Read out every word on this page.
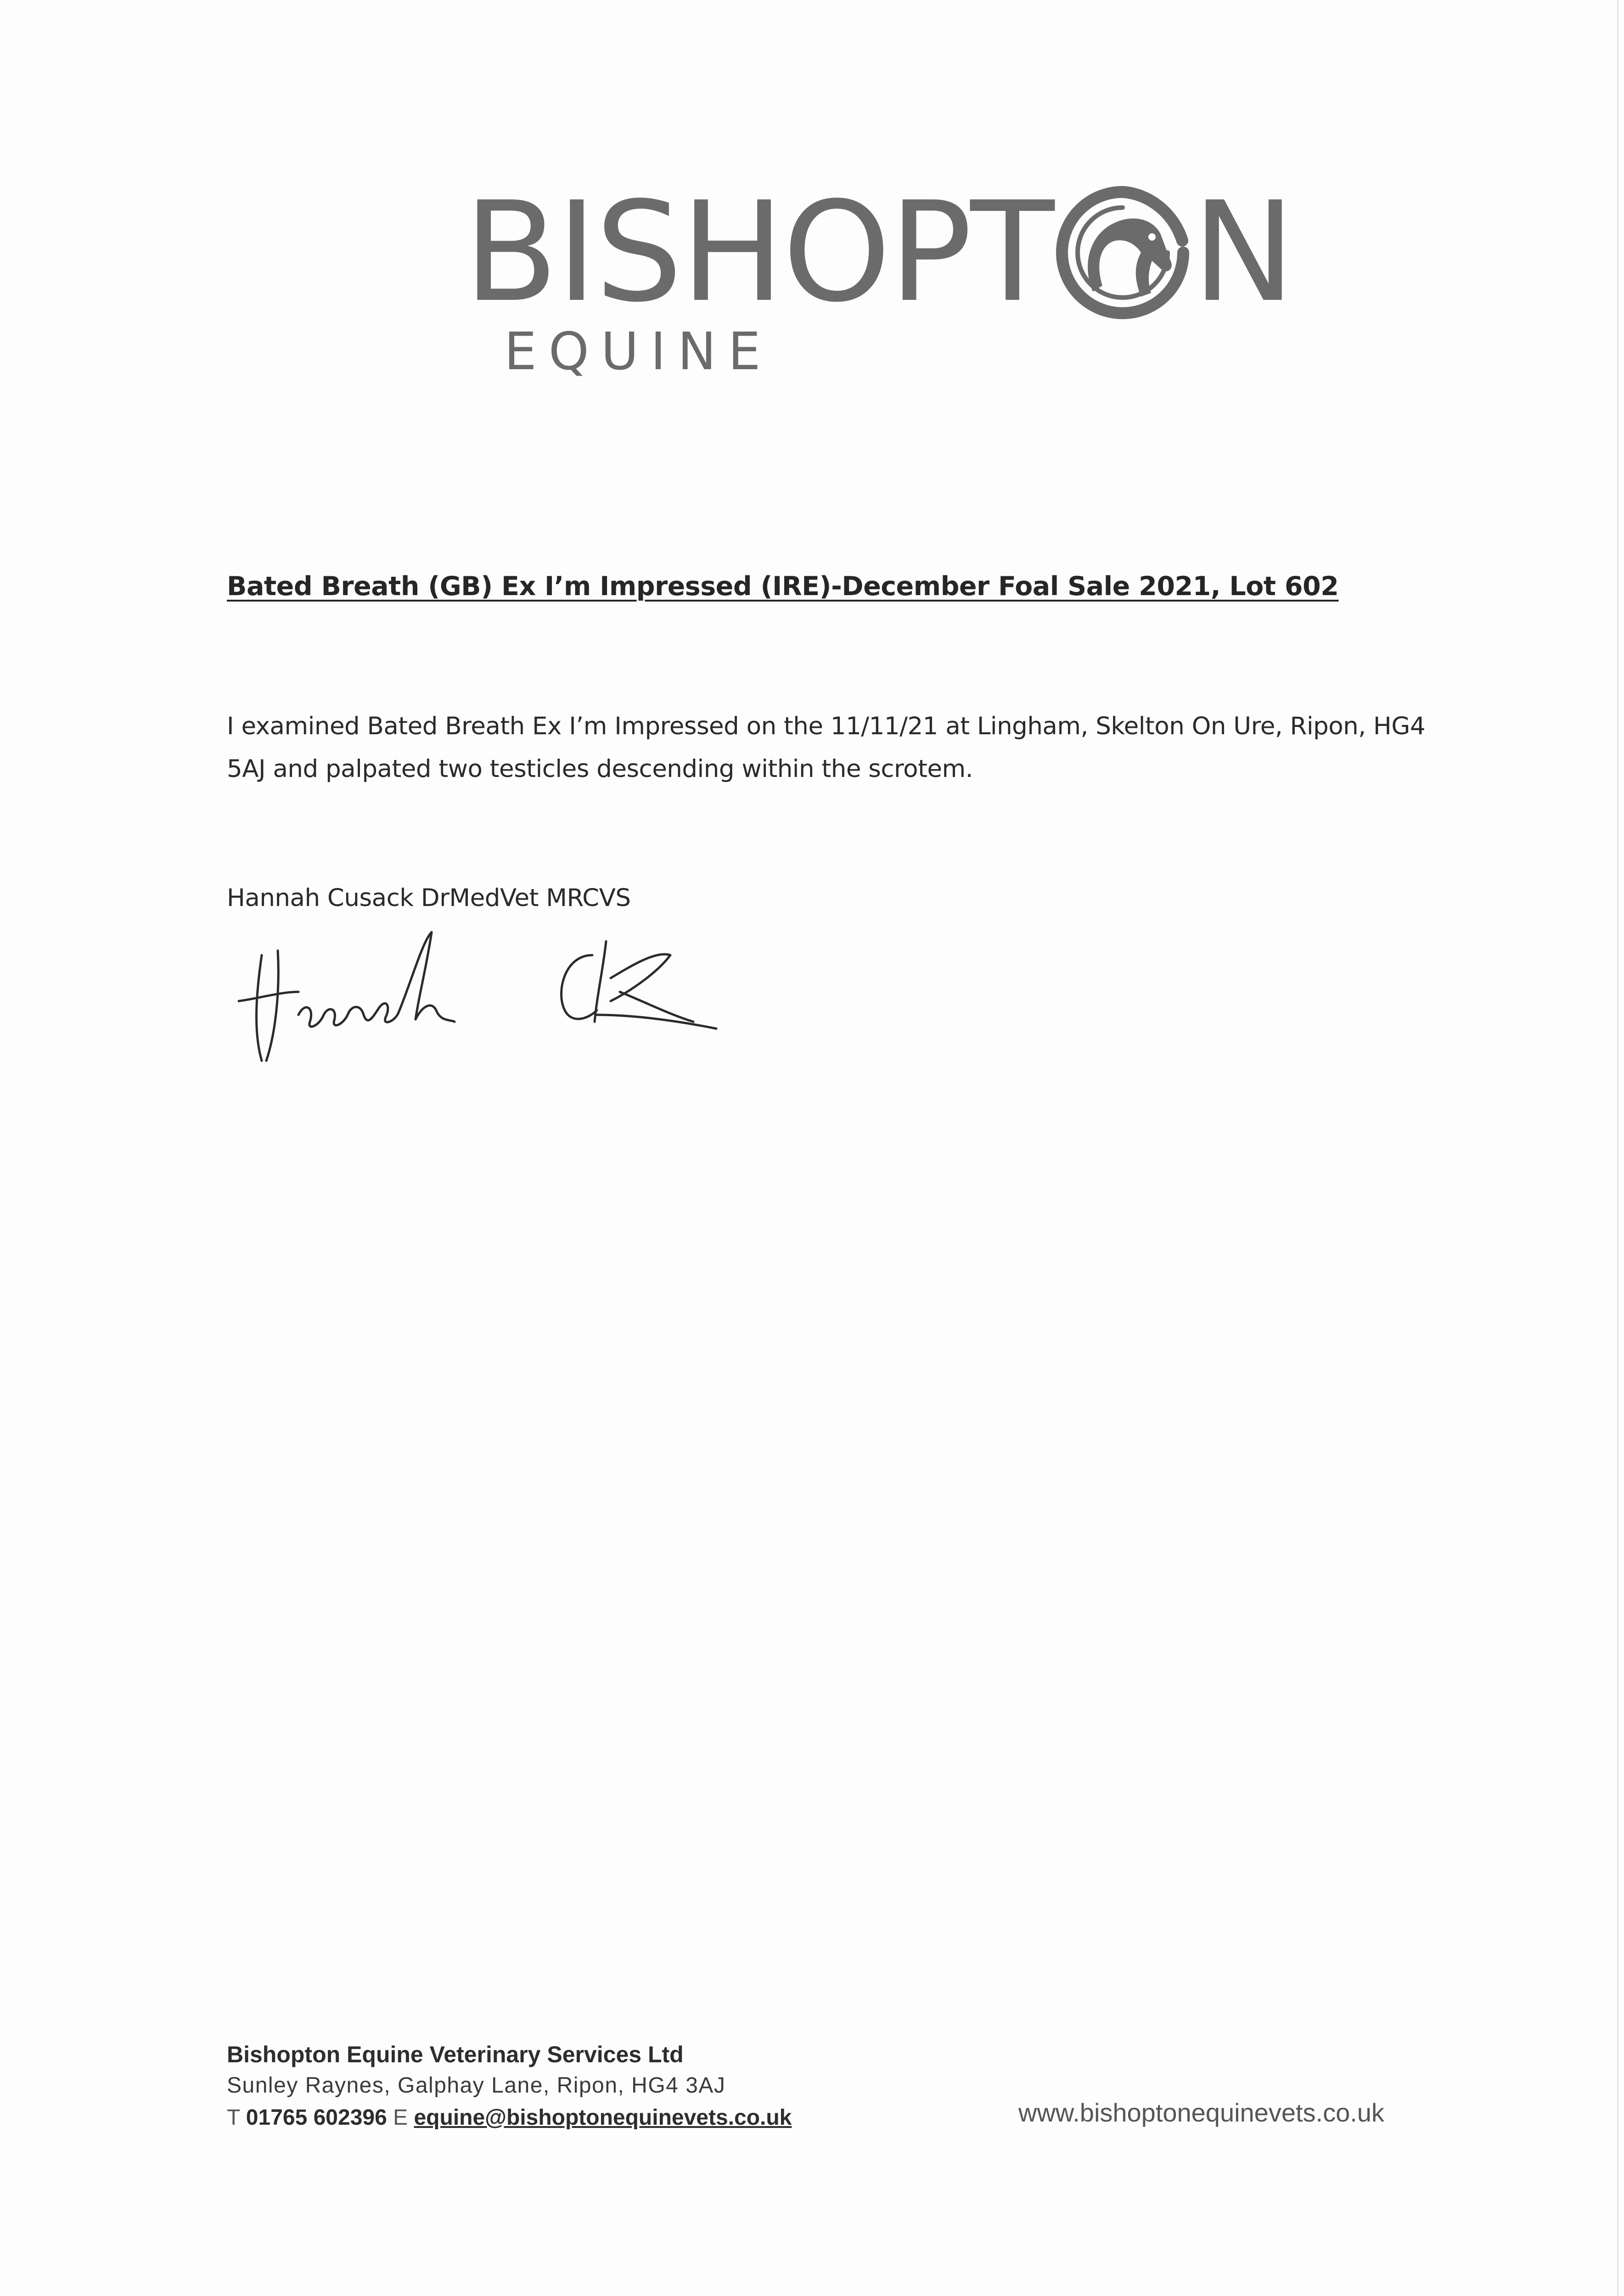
BISHOPT N
EQUINE
Bated Breath (GB) Ex I’m Impressed (IRE)-December Foal Sale 2021, Lot 602
I examined Bated Breath Ex I’m Impressed on the 11/11/21 at Lingham, Skelton On Ure, Ripon, HG4
5AJ and palpated two testicles descending within the scrotem.
Hannah Cusack DrMedVet MRCVS
Bishopton Equine Veterinary Services Ltd
Sunley Raynes, Galphay Lane, Ripon, HG4 3AJ
T 01765 602396 E equine@bishoptonequinevets.co.uk	www.bishoptonequinevets.co.uk
